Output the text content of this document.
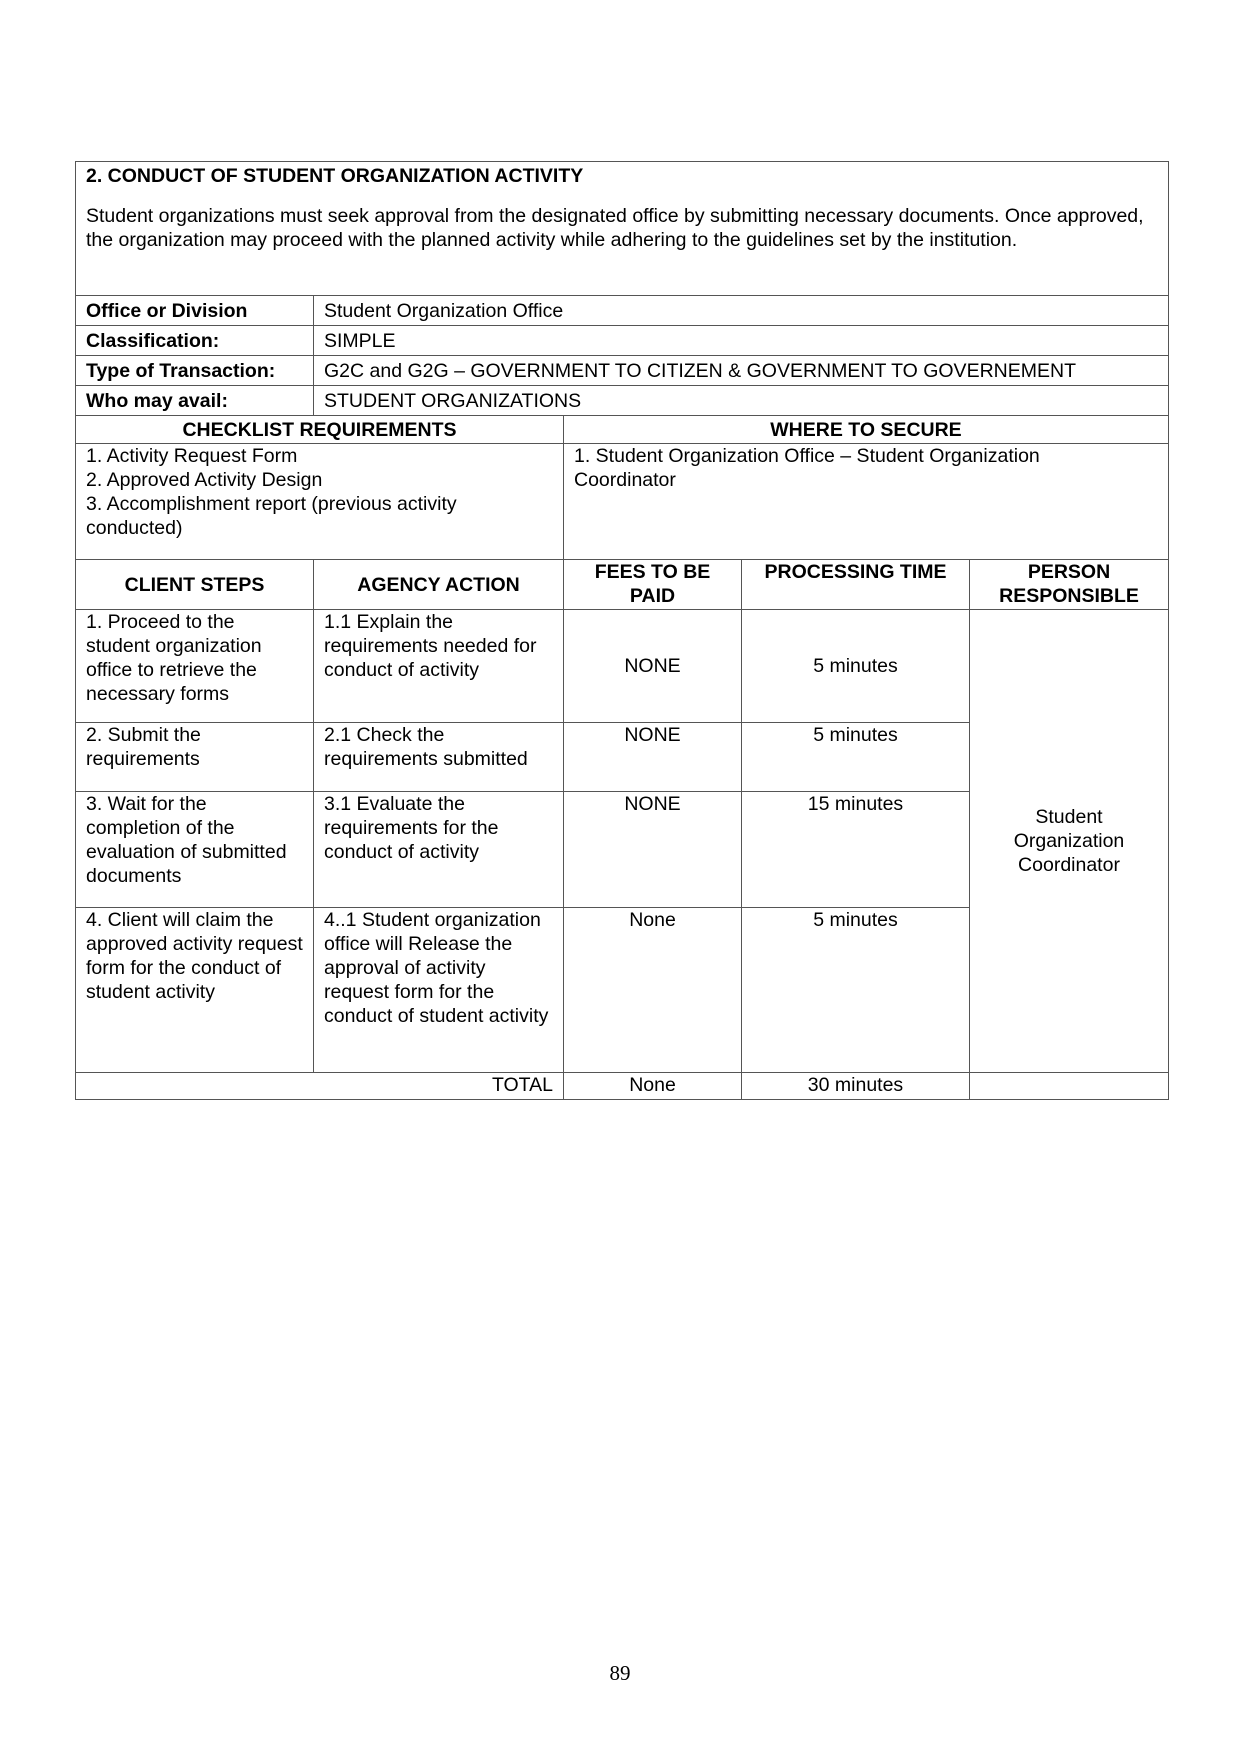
2. CONDUCT OF STUDENT ORGANIZATION ACTIVITY

Student organizations must seek approval from the designated office by submitting necessary documents. Once approved, the organization may proceed with the planned activity while adhering to the guidelines set by the institution.				

Office or Division	Student Organization Office			
Classification:	SIMPLE			
Type of Transaction:	G2C and G2G – GOVERNMENT TO CITIZEN & GOVERNMENT TO GOVERNEMENT			
Who may avail:	STUDENT ORGANIZATIONS			
CHECKLIST REQUIREMENTS		WHERE TO SECURE		

1. Activity Request Form
2. Approved Activity Design
3. Accomplishment report (previous activity conducted)		1. Student Organization Office – Student Organization Coordinator		

CLIENT STEPS	AGENCY ACTION	FEES TO BE PAID	PROCESSING TIME	PERSON RESPONSIBLE
1. Proceed to the student organization office to retrieve the necessary forms	1.1 Explain the requirements needed for conduct of activity	NONE	5 minutes	Student Organization Coordinator
2. Submit the requirements	2.1 Check the requirements submitted	NONE	5 minutes	
3. Wait for the completion of the evaluation of submitted documents	3.1 Evaluate the requirements for the conduct of activity	NONE	15 minutes	
4. Client will claim the approved activity request form for the conduct of student activity	4..1 Student organization office will Release the approval of activity request form for the conduct of student activity	None	5 minutes	
TOTAL		None	30 minutes	
89
